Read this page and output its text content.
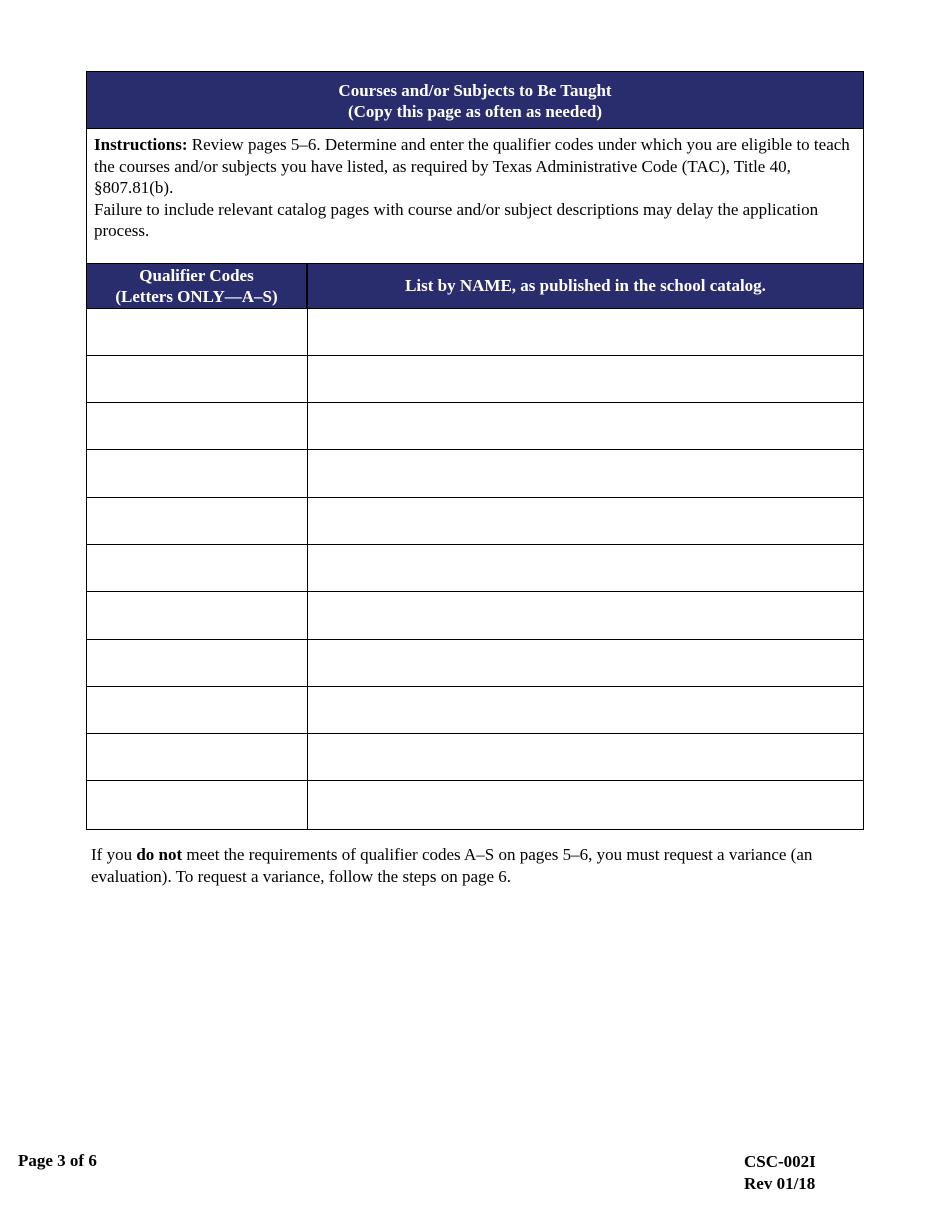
Courses and/or Subjects to Be Taught
(Copy this page as often as needed)

Instructions: Review pages 5–6. Determine and enter the qualifier codes under which you are eligible to teach the courses and/or subjects you have listed, as required by Texas Administrative Code (TAC), Title 40, §807.81(b).

Failure to include relevant catalog pages with course and/or subject descriptions may delay the application process.

Qualifier Codes
(Letters ONLY—A–S)
List by NAME, as published in the school catalog.
If you do not meet the requirements of qualifier codes A–S on pages 5–6, you must request a variance (an evaluation). To request a variance, follow the steps on page 6.
Page 3 of 6	CSC-002I
Rev 01/18
